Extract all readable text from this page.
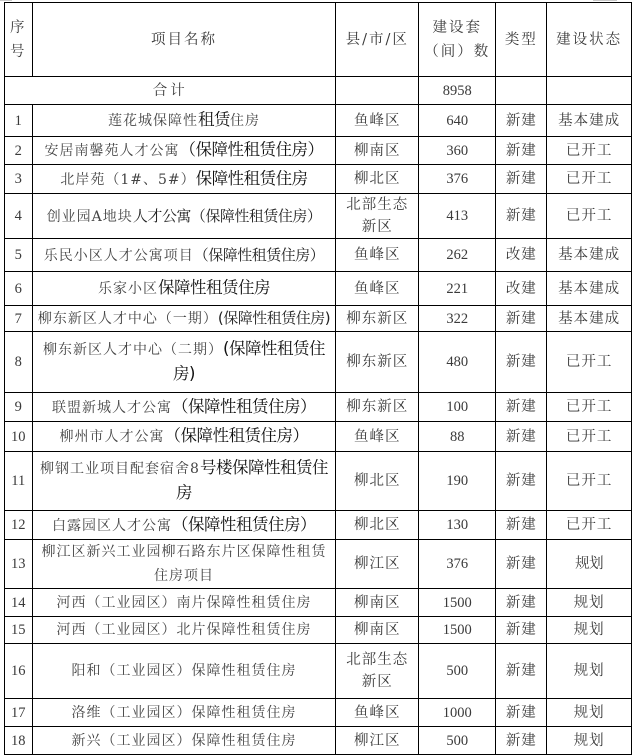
序
号	项目名称	县/市/区	建设套
（间）数	类型	建设状态
合计			8958		
1	莲花城保障性租赁住房	鱼峰区	640	新建	基本建成
2	安居南馨苑人才公寓（保障性租赁住房）	柳南区	360	新建	已开工
3	北岸苑（1#、5#）保障性租赁住房	柳北区	376	新建	已开工
4	创业园A地块人才公寓（保障性租赁住房）	北部生态
新区	413	新建	已开工
5	乐民小区人才公寓项目（保障性租赁住房）	鱼峰区	262	改建	基本建成
6	乐家小区保障性租赁住房	鱼峰区	221	改建	基本建成
7	柳东新区人才中心（一期）(保障性租赁住房)	柳东新区	322	新建	基本建成
8	柳东新区人才中心（二期）(保障性租赁住房)	柳东新区	480	新建	已开工
9	联盟新城人才公寓（保障性租赁住房）	柳东新区	100	新建	已开工
10	柳州市人才公寓（保障性租赁住房）	鱼峰区	88	新建	已开工
11	柳钢工业项目配套宿舍8号楼保障性租赁住房	柳北区	190	新建	已开工
12	白露园区人才公寓（保障性租赁住房）	柳北区	130	新建	已开工
13	柳江区新兴工业园柳石路东片区保障性租赁住房项目	柳江区	376	新建	规划
14	河西（工业园区）南片保障性租赁住房	柳南区	1500	新建	规划
15	河西（工业园区）北片保障性租赁住房	柳南区	1500	新建	规划
16	阳和（工业园区）保障性租赁住房	北部生态
新区	500	新建	规划
17	洛维（工业园区）保障性租赁住房	鱼峰区	1000	新建	规划
18	新兴（工业园区）保障性租赁住房	柳江区	500	新建	规划
